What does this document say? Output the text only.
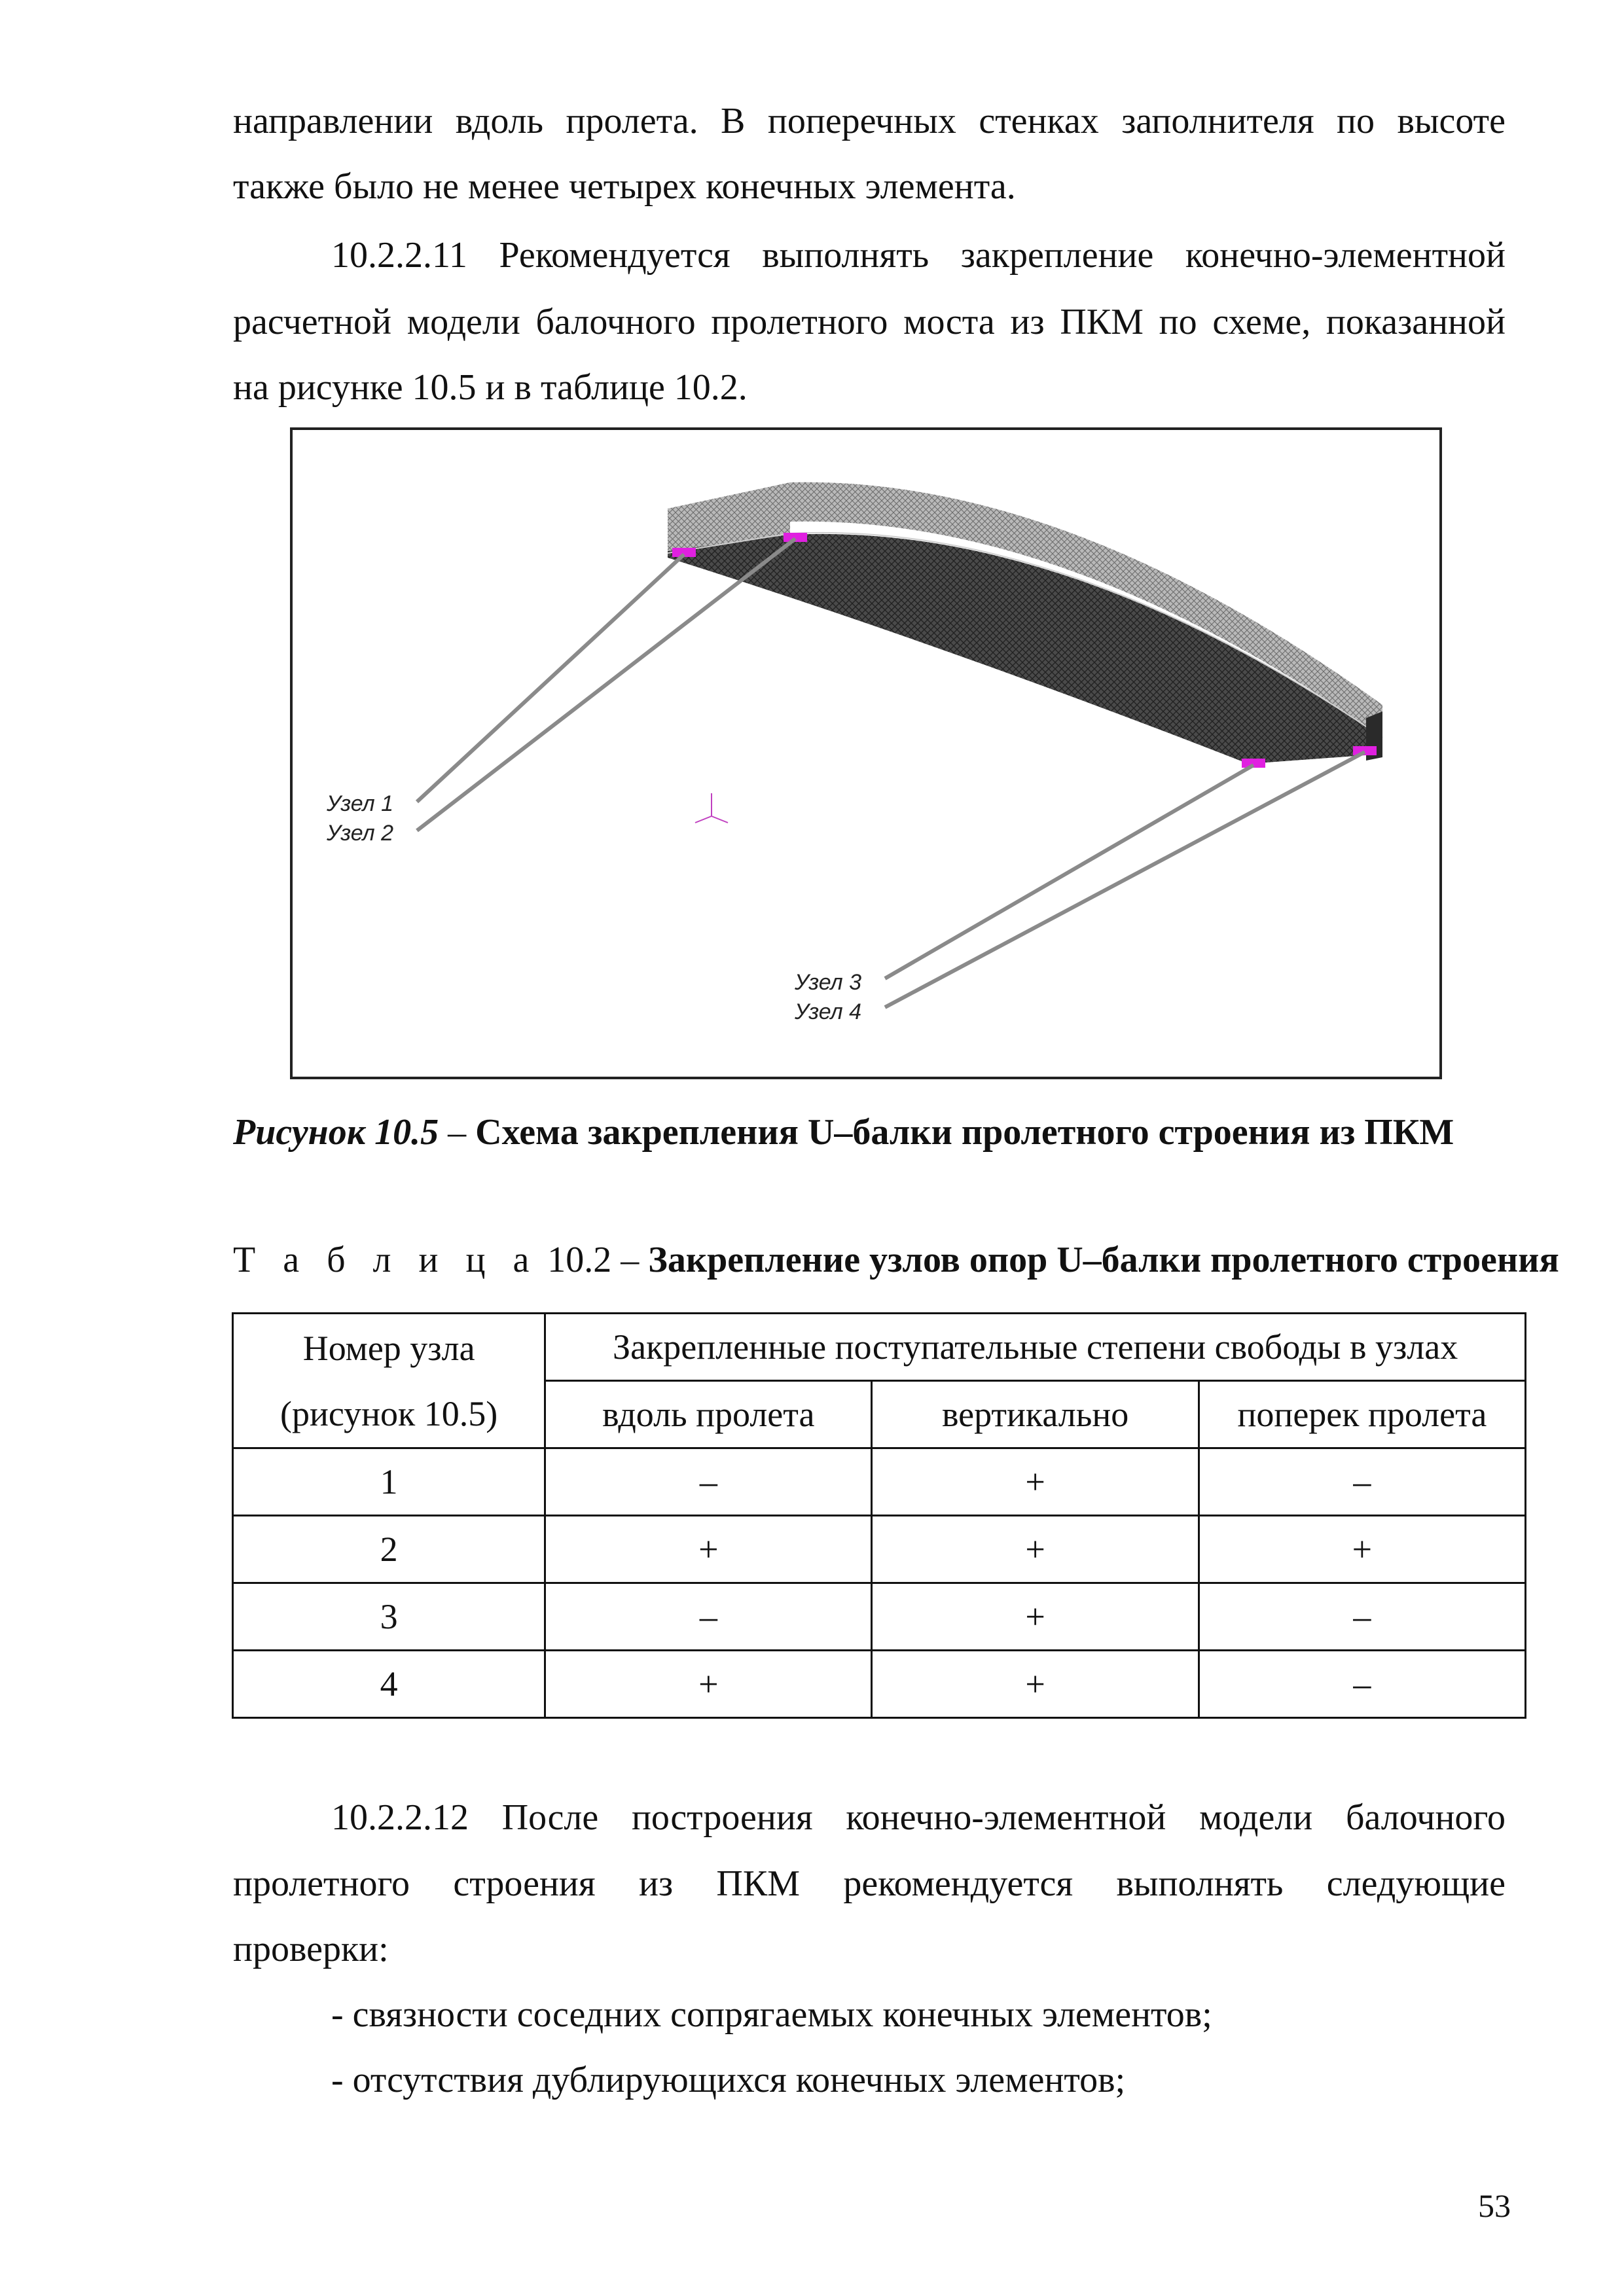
направлении вдоль пролета. В поперечных стенках заполнителя по высоте

также было не менее четырех конечных элемента.

10.2.2.11 Рекомендуется выполнять закрепление конечно-элементной

расчетной модели балочного пролетного моста из ПКМ по схеме, показанной

на рисунке 10.5 и в таблице 10.2.

Узел 1
Узел 2
Узел 3
Узел 4
Рисунок 10.5 – Схема закрепления U–балки пролетного строения из ПКМ
Т а б л и ц а 10.2 – Закрепление узлов опор U–балки пролетного строения
Номер узла
(рисунок 10.5)	Закрепленные поступательные степени свободы в узлах		
	вдоль пролета	вертикально	поперек пролета
1	–	+	–
2	+	+	+
3	–	+	–
4	+	+	–

10.2.2.12 После построения конечно-элементной модели балочного

пролетного строения из ПКМ рекомендуется выполнять следующие

проверки:

- связности соседних сопрягаемых конечных элементов;

- отсутствия дублирующихся конечных элементов;

53
